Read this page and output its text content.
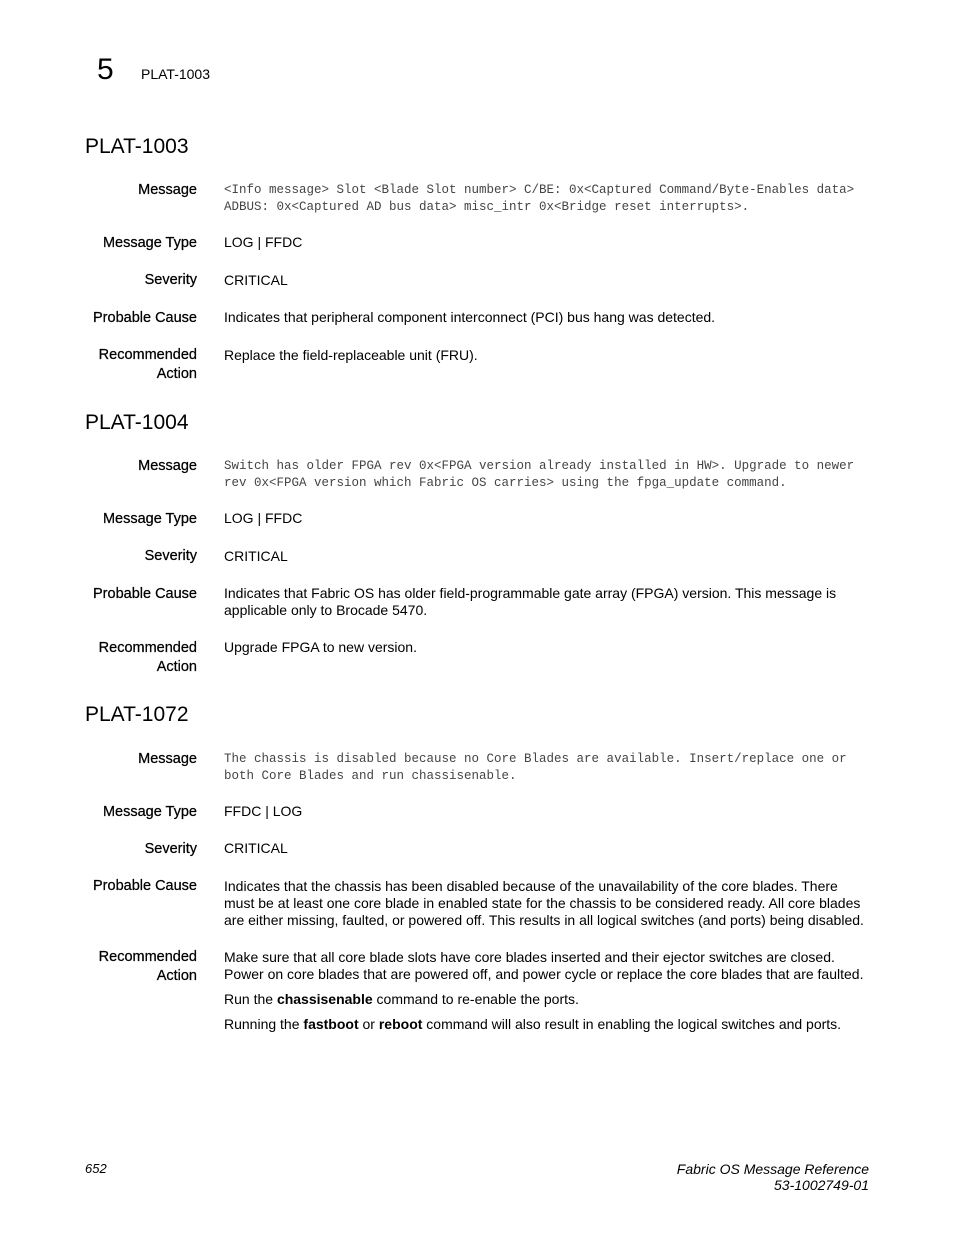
5 PLAT-1003
PLAT-1003
Message <Info message> Slot <Blade Slot number> C/BE: 0x<Captured Command/Byte-Enables data> ADBUS: 0x<Captured AD bus data> misc_intr 0x<Bridge reset interrupts>.
Message Type LOG | FFDC
Severity CRITICAL
Probable Cause Indicates that peripheral component interconnect (PCI) bus hang was detected.
Recommended
Action
Replace the field-replaceable unit (FRU).
PLAT-1004
Message Switch has older FPGA rev 0x<FPGA version already installed in HW>. Upgrade to newer rev 0x<FPGA version which Fabric OS carries> using the fpga_update command.
Message Type LOG | FFDC
Severity CRITICAL
Probable Cause Indicates that Fabric OS has older field-programmable gate array (FPGA) version. This message is applicable only to Brocade 5470.
Recommended
Action
Upgrade FPGA to new version.
PLAT-1072
Message The chassis is disabled because no Core Blades are available. Insert/replace one or both Core Blades and run chassisenable.
Message Type FFDC | LOG
Severity CRITICAL
Probable Cause Indicates that the chassis has been disabled because of the unavailability of the core blades. There must be at least one core blade in enabled state for the chassis to be considered ready. All core blades are either missing, faulted, or powered off. This results in all logical switches (and ports) being disabled.
Recommended
Action

Make sure that all core blade slots have core blades inserted and their ejector switches are closed. Power on core blades that are powered off, and power cycle or replace the core blades that are faulted.

Run the chassisenable command to re-enable the ports.

Running the fastboot or reboot command will also result in enabling the logical switches and ports.

652	Fabric OS Message Reference
53-1002749-01
